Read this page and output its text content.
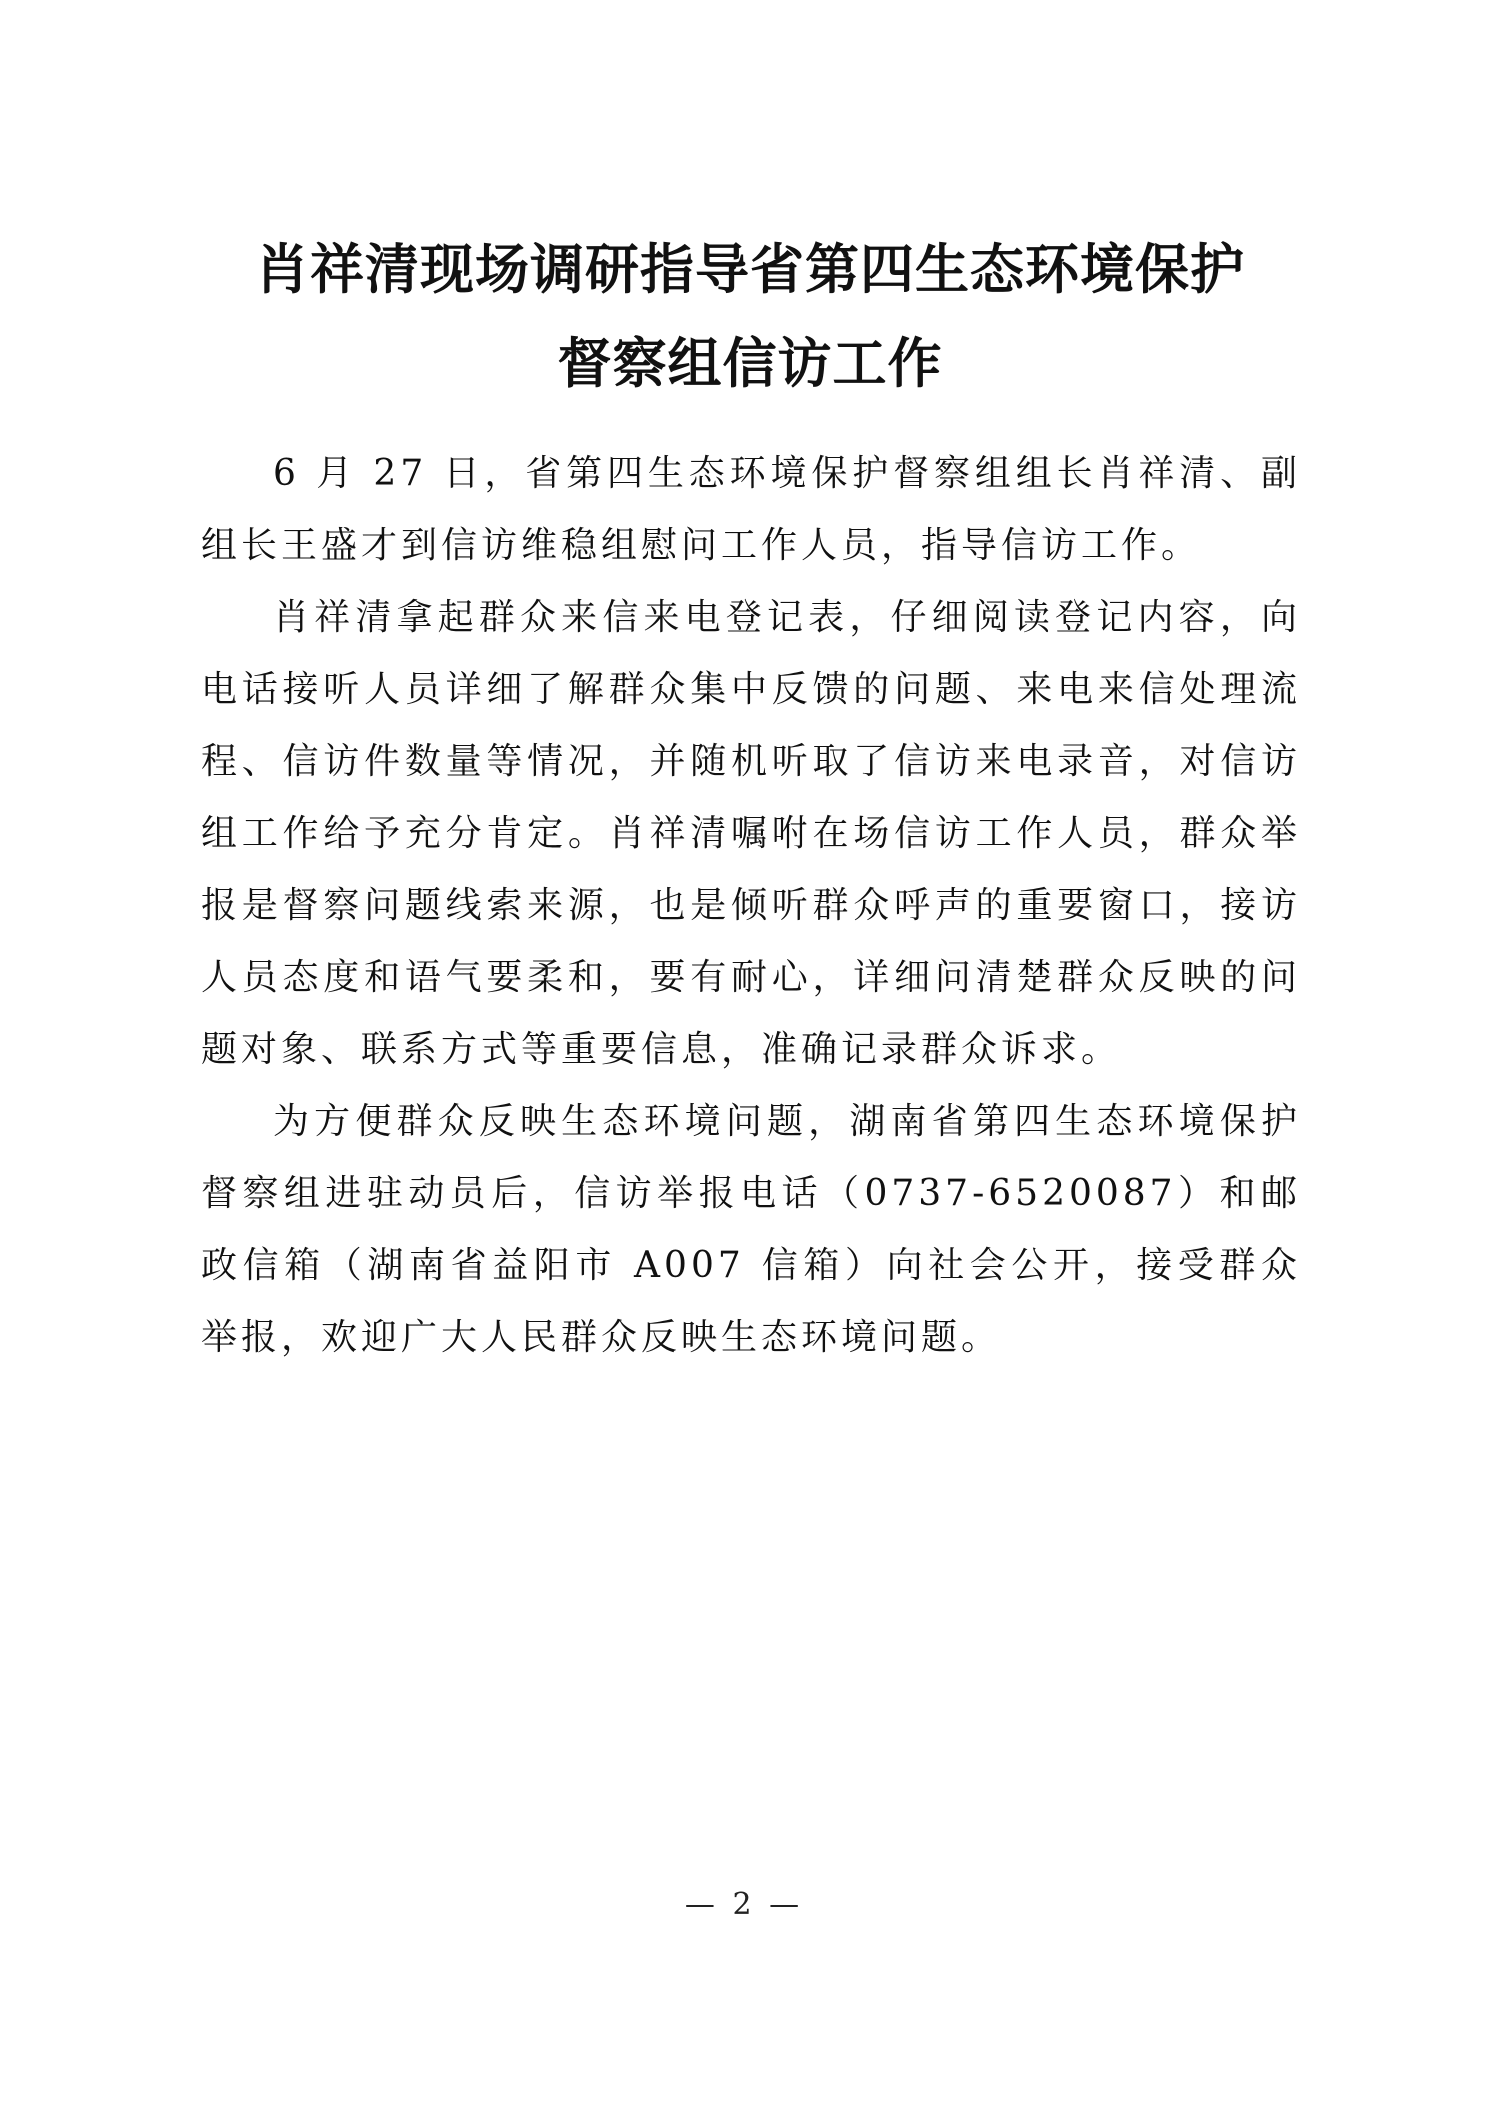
肖祥清现场调研指导省第四生态环境保护
督察组信访工作

6 月 27 日，省第四生态环境保护督察组组长肖祥清、副组长王盛才到信访维稳组慰问工作人员，指导信访工作。

肖祥清拿起群众来信来电登记表，仔细阅读登记内容，向电话接听人员详细了解群众集中反馈的问题、来电来信处理流程、信访件数量等情况，并随机听取了信访来电录音，对信访组工作给予充分肯定。肖祥清嘱咐在场信访工作人员，群众举报是督察问题线索来源，也是倾听群众呼声的重要窗口，接访人员态度和语气要柔和，要有耐心，详细问清楚群众反映的问题对象、联系方式等重要信息，准确记录群众诉求。

为方便群众反映生态环境问题，湖南省第四生态环境保护督察组进驻动员后，信访举报电话（0737-6520087）和邮政信箱（湖南省益阳市 A007 信箱）向社会公开，接受群众举报，欢迎广大人民群众反映生态环境问题。

— 2 —
